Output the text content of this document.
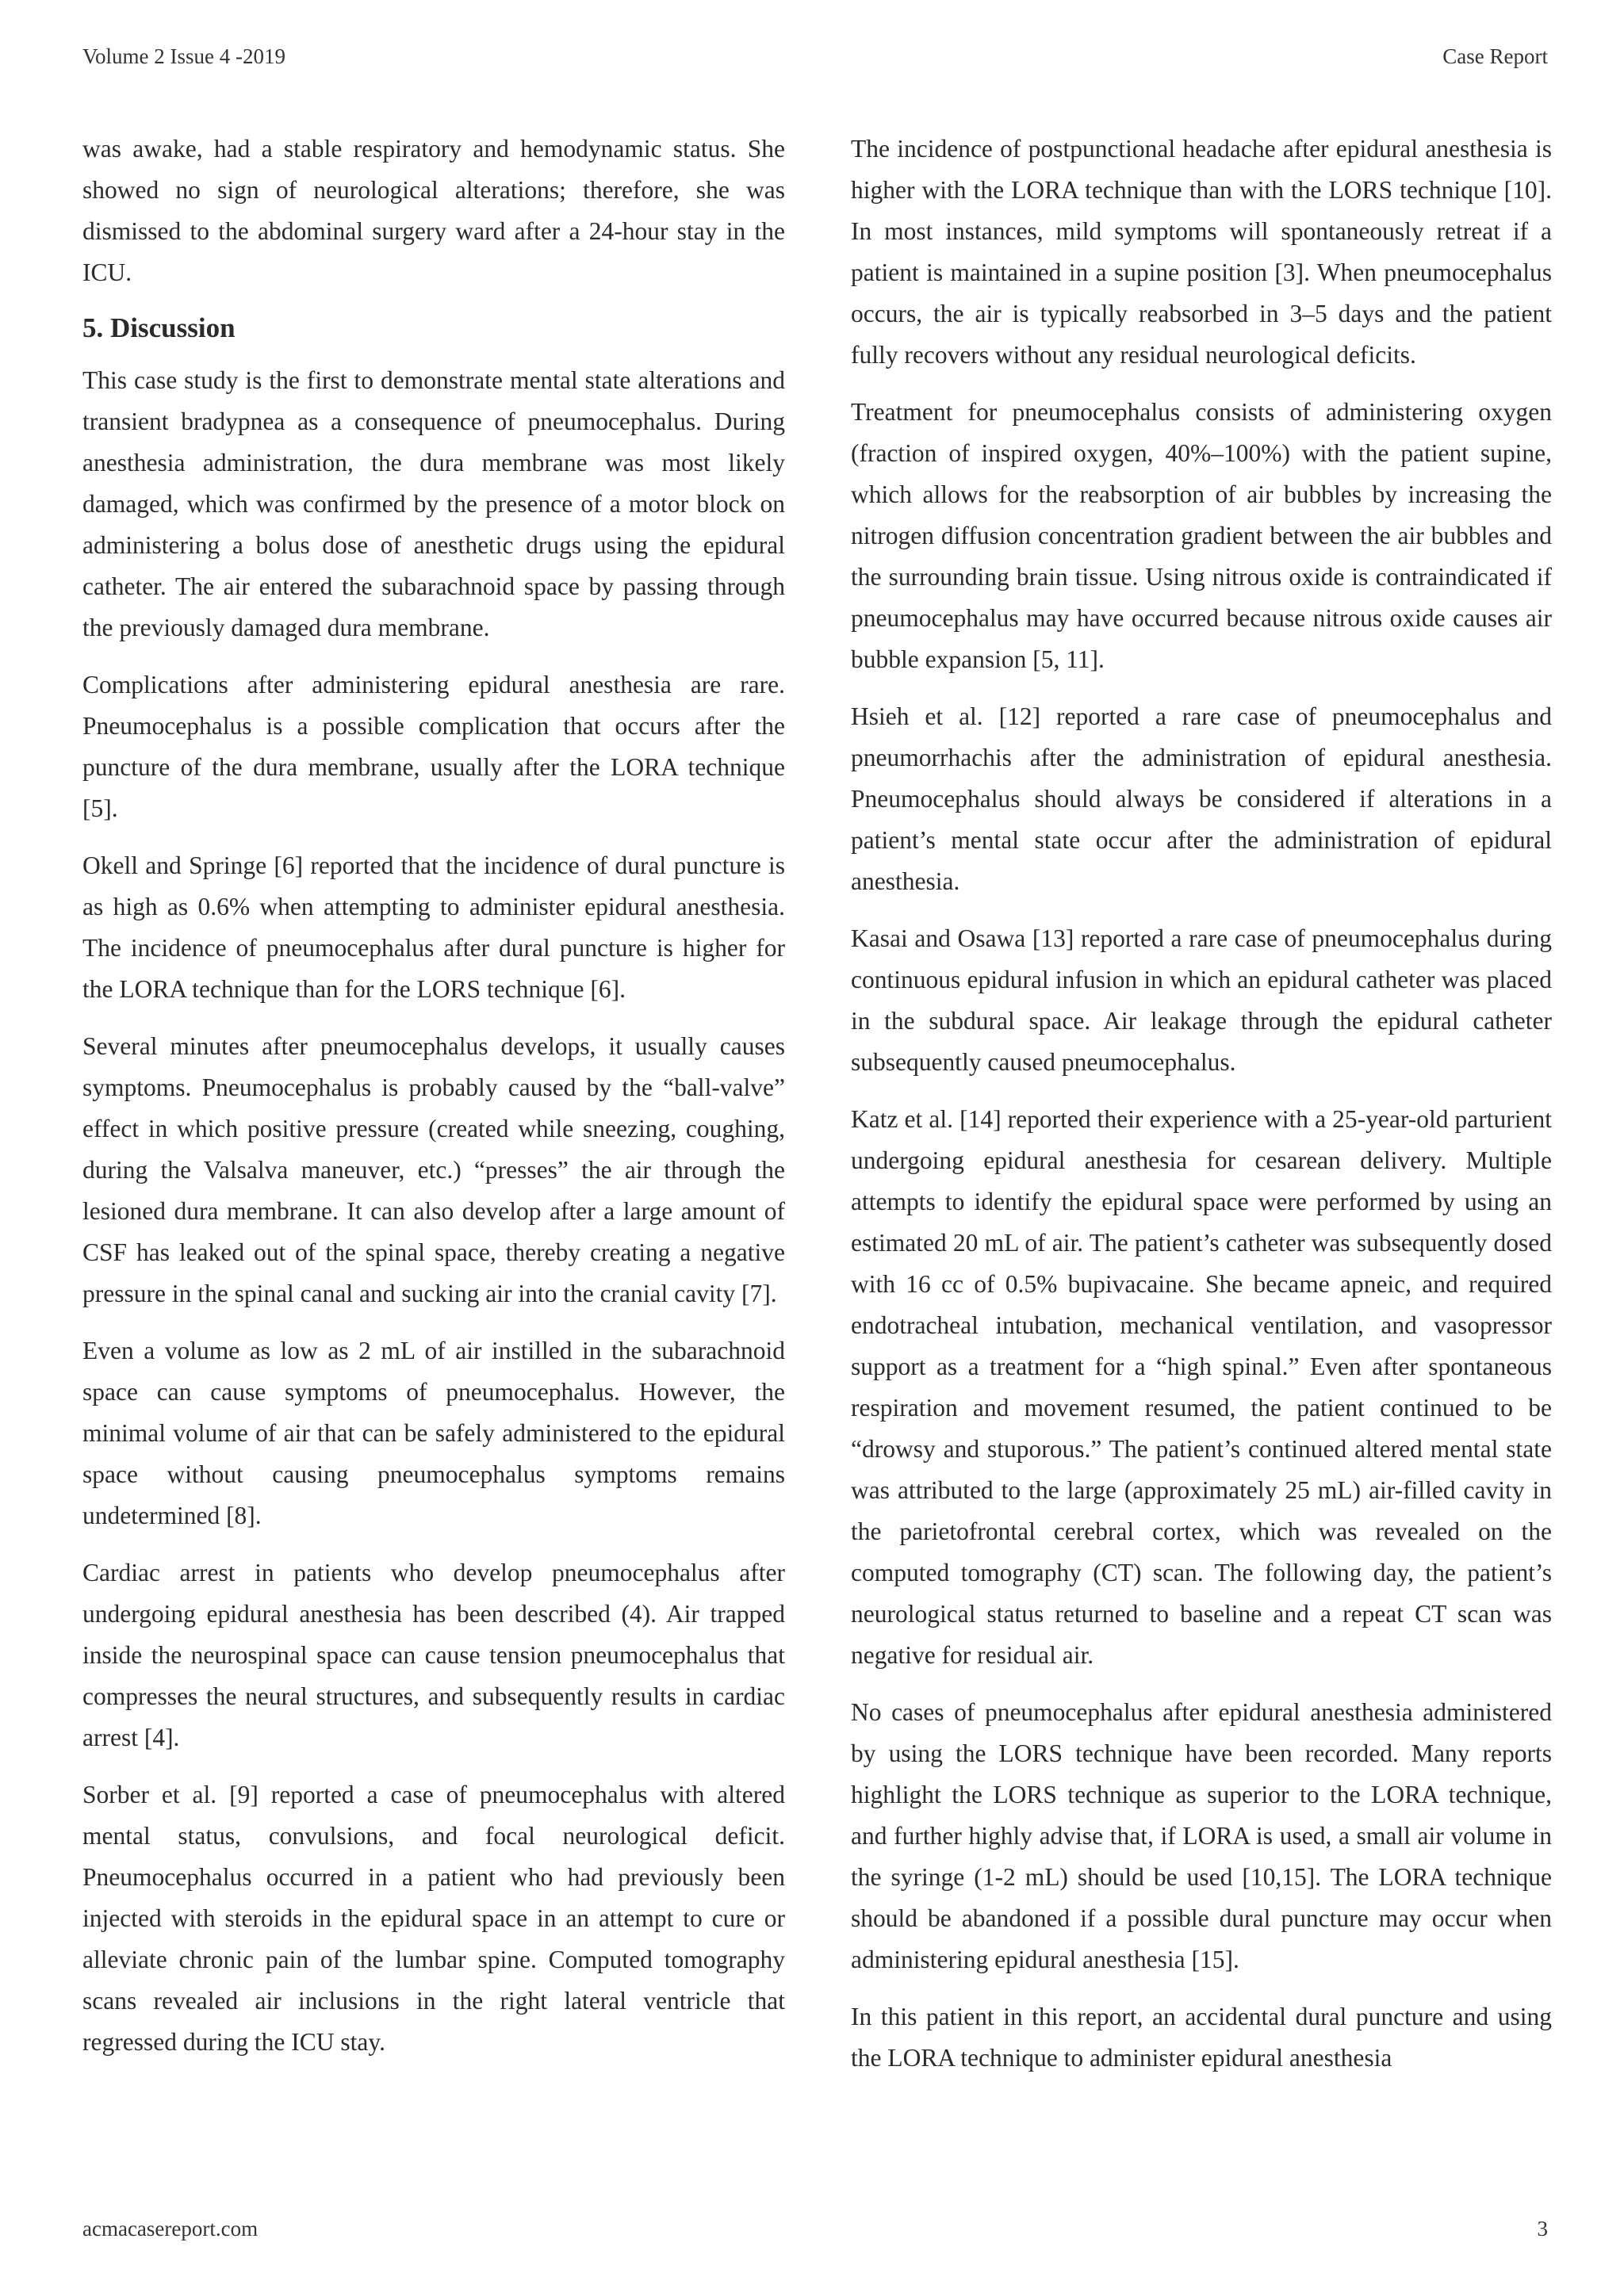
Volume 2 Issue 4 -2019	Case Report

was awake, had a stable respiratory and hemodynamic status. She showed no sign of neurological alterations; therefore, she was dismissed to the abdominal surgery ward after a 24-hour stay in the ICU.

5. Discussion

This case study is the first to demonstrate mental state alterations and transient bradypnea as a consequence of pneumocephalus. During anesthesia administration, the dura membrane was most likely damaged, which was confirmed by the presence of a motor block on administering a bolus dose of anesthetic drugs using the epidural catheter. The air entered the subarachnoid space by passing through the previously damaged dura membrane.

Complications after administering epidural anesthesia are rare. Pneumocephalus is a possible complication that occurs after the puncture of the dura membrane, usually after the LORA technique [5].

Okell and Springe [6] reported that the incidence of dural puncture is as high as 0.6% when attempting to administer epidural anesthesia. The incidence of pneumocephalus after dural puncture is higher for the LORA technique than for the LORS technique [6].

Several minutes after pneumocephalus develops, it usually causes symptoms. Pneumocephalus is probably caused by the “ball-valve” effect in which positive pressure (created while sneezing, coughing, during the Valsalva maneuver, etc.) “presses” the air through the lesioned dura membrane. It can also develop after a large amount of CSF has leaked out of the spinal space, thereby creating a negative pressure in the spinal canal and sucking air into the cranial cavity [7].

Even a volume as low as 2 mL of air instilled in the subarachnoid space can cause symptoms of pneumocephalus. However, the minimal volume of air that can be safely administered to the epidural space without causing pneumocephalus symptoms remains undetermined [8].

Cardiac arrest in patients who develop pneumocephalus after undergoing epidural anesthesia has been described (4). Air trapped inside the neurospinal space can cause tension pneumocephalus that compresses the neural structures, and subsequently results in cardiac arrest [4].

Sorber et al. [9] reported a case of pneumocephalus with altered mental status, convulsions, and focal neurological deficit. Pneumocephalus occurred in a patient who had previously been injected with steroids in the epidural space in an attempt to cure or alleviate chronic pain of the lumbar spine. Computed tomography scans revealed air inclusions in the right lateral ventricle that regressed during the ICU stay.

The incidence of postpunctional headache after epidural anesthesia is higher with the LORA technique than with the LORS technique [10]. In most instances, mild symptoms will spontaneously retreat if a patient is maintained in a supine position [3]. When pneumocephalus occurs, the air is typically reabsorbed in 3–5 days and the patient fully recovers without any residual neurological deficits.

Treatment for pneumocephalus consists of administering oxygen (fraction of inspired oxygen, 40%–100%) with the patient supine, which allows for the reabsorption of air bubbles by increasing the nitrogen diffusion concentration gradient between the air bubbles and the surrounding brain tissue. Using nitrous oxide is contraindicated if pneumocephalus may have occurred because nitrous oxide causes air bubble expansion [5, 11].

Hsieh et al. [12] reported a rare case of pneumocephalus and pneumorrhachis after the administration of epidural anesthesia. Pneumocephalus should always be considered if alterations in a patient’s mental state occur after the administration of epidural anesthesia.

Kasai and Osawa [13] reported a rare case of pneumocephalus during continuous epidural infusion in which an epidural catheter was placed in the subdural space. Air leakage through the epidural catheter subsequently caused pneumocephalus.

Katz et al. [14] reported their experience with a 25-year-old parturient undergoing epidural anesthesia for cesarean delivery. Multiple attempts to identify the epidural space were performed by using an estimated 20 mL of air. The patient’s catheter was subsequently dosed with 16 cc of 0.5% bupivacaine. She became apneic, and required endotracheal intubation, mechanical ventilation, and vasopressor support as a treatment for a “high spinal.” Even after spontaneous respiration and movement resumed, the patient continued to be “drowsy and stuporous.” The patient’s continued altered mental state was attributed to the large (approximately 25 mL) air-filled cavity in the parietofrontal cerebral cortex, which was revealed on the computed tomography (CT) scan. The following day, the patient’s neurological status returned to baseline and a repeat CT scan was negative for residual air.

No cases of pneumocephalus after epidural anesthesia administered by using the LORS technique have been recorded. Many reports highlight the LORS technique as superior to the LORA technique, and further highly advise that, if LORA is used, a small air volume in the syringe (1-2 mL) should be used [10,15]. The LORA technique should be abandoned if a possible dural puncture may occur when administering epidural anesthesia [15].

In this patient in this report, an accidental dural puncture and using the LORA technique to administer epidural anesthesia

acmacasereport.com	3
